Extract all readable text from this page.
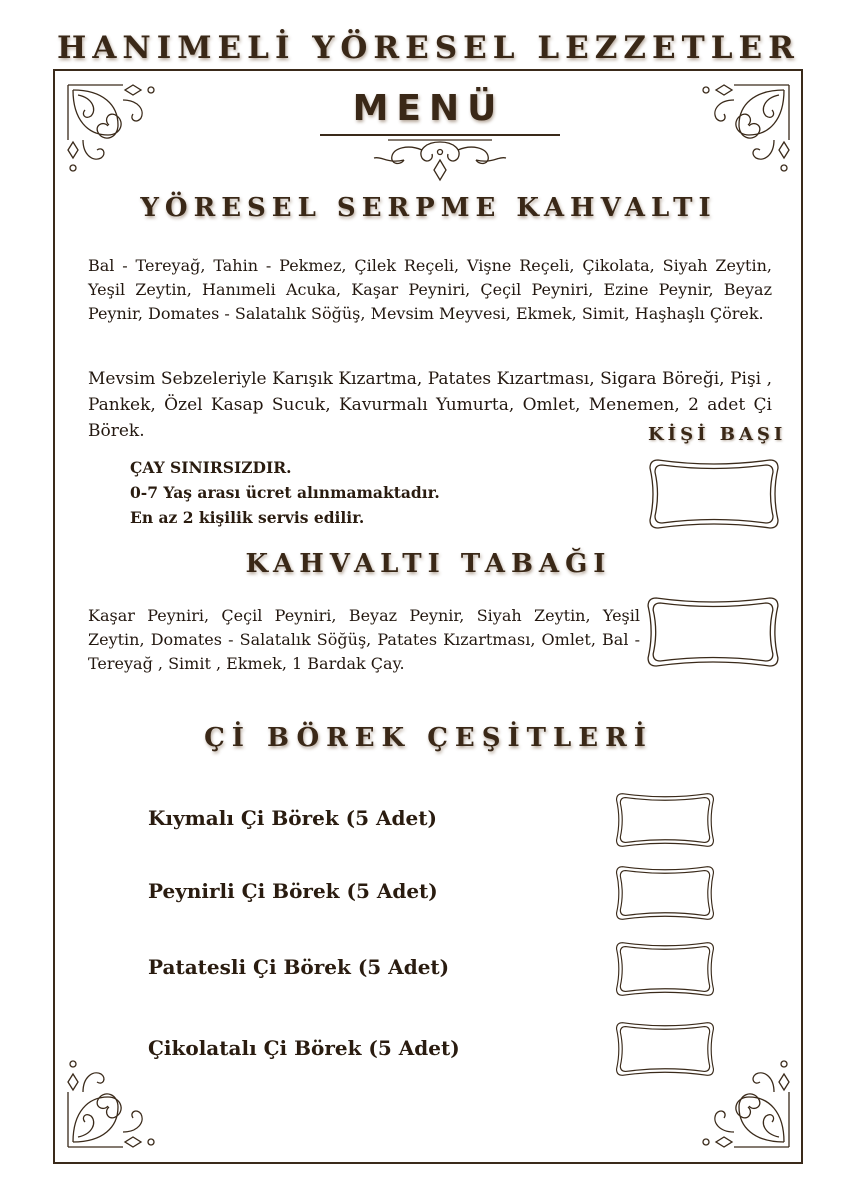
HANIMELİ YÖRESEL LEZZETLER
MENÜ
YÖRESEL SERPME KAHVALTI
Bal - Tereyağ, Tahin - Pekmez, Çilek Reçeli, Vişne Reçeli, Çikolata, Siyah Zeytin, Yeşil Zeytin, Hanımeli Acuka, Kaşar Peyniri, Çeçil Peyniri, Ezine Peynir, Beyaz Peynir, Domates - Salatalık Söğüş, Mevsim Meyvesi, Ekmek, Simit, Haşhaşlı Çörek.
Mevsim Sebzeleriyle Karışık Kızartma, Patates Kızartması, Sigara Böreği, Pişi , Pankek, Özel Kasap Sucuk, Kavurmalı Yumurta, Omlet, Menemen, 2 adet Çi Börek.	KİŞİ BAŞI
ÇAY SINIRSIZDIR.
0-7 Yaş arası ücret alınmamaktadır.
En az 2 kişilik servis edilir.
KAHVALTI TABAĞI
Kaşar Peyniri, Çeçil Peyniri, Beyaz Peynir, Siyah Zeytin, Yeşil Zeytin, Domates - Salatalık Söğüş, Patates Kızartması, Omlet, Bal - Tereyağ , Simit , Ekmek, 1 Bardak Çay.
Çİ BÖREK ÇEŞİTLERİ
Kıymalı Çi Börek (5 Adet)
Peynirli Çi Börek (5 Adet)
Patatesli Çi Börek (5 Adet)
Çikolatalı Çi Börek (5 Adet)
